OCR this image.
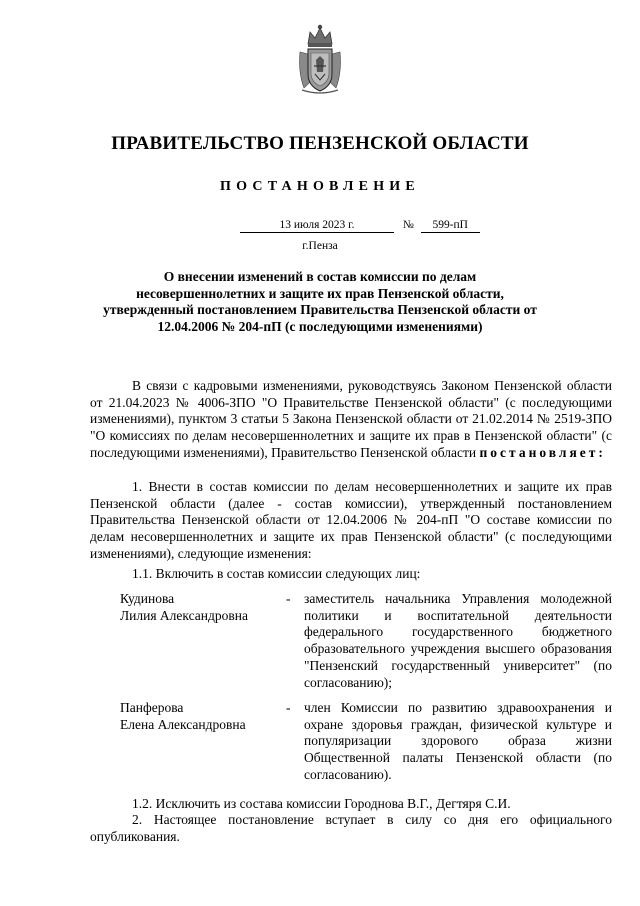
ПРАВИТЕЛЬСТВО ПЕНЗЕНСКОЙ ОБЛАСТИ
ПОСТАНОВЛЕНИЕ
13 июля 2023 г.	№ 599-пП
г.Пенза
О внесении изменений в состав комиссии по делам несовершеннолетних и защите их прав Пензенской области, утвержденный постановлением Правительства Пензенской области от 12.04.2006 № 204-пП (с последующими изменениями)
В связи с кадровыми изменениями, руководствуясь Законом Пензенской области от 21.04.2023 № 4006-ЗПО "О Правительстве Пензенской области" (с последующими изменениями), пунктом 3 статьи 5 Закона Пензенской области от 21.02.2014 № 2519-ЗПО "О комиссиях по делам несовершеннолетних и защите их прав в Пензенской области" (с последующими изменениями), Правительство Пензенской области постановляет:
1. Внести в состав комиссии по делам несовершеннолетних и защите их прав Пензенской области (далее - состав комиссии), утвержденный постановлением Правительства Пензенской области от 12.04.2006 № 204-пП "О составе комиссии по делам несовершеннолетних и защите их прав Пензенской области" (с последующими изменениями), следующие изменения:
1.1. Включить в состав комиссии следующих лиц:
Кудинова
Лилия Александровна
- заместитель начальника Управления молодежной политики и воспитательной деятельности федерального государственного бюджетного образовательного учреждения высшего образования "Пензенский государственный университет" (по согласованию);
Панферова
Елена Александровна
- член Комиссии по развитию здравоохранения и охране здоровья граждан, физической культуре и популяризации здорового образа жизни Общественной палаты Пензенской области (по согласованию).
1.2. Исключить из состава комиссии Городнова В.Г., Дегтяря С.И.
2. Настоящее постановление вступает в силу со дня его официального опубликования.
